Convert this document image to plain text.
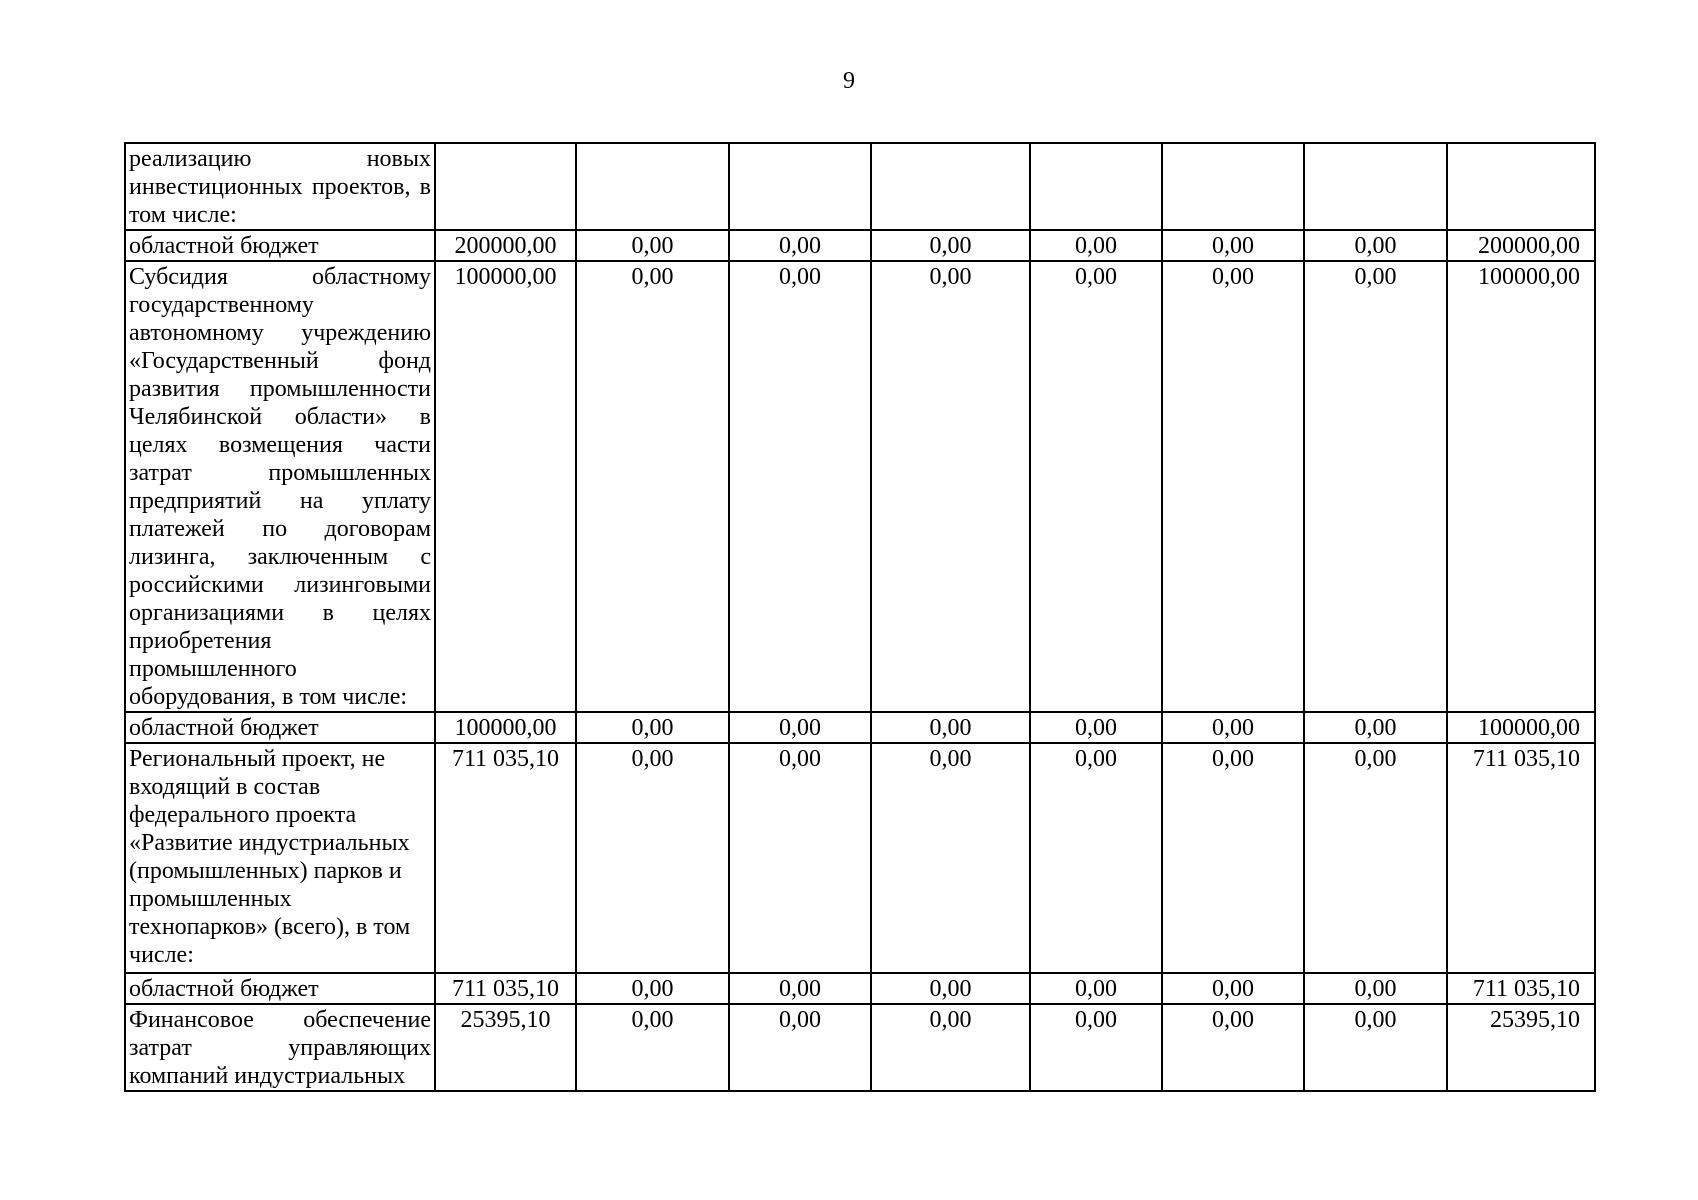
9
реализацию новых инвестиционных проектов, в том числе:								
областной бюджет	200000,00	0,00	0,00	0,00	0,00	0,00	0,00	200000,00
Субсидия областному государственному автономному учреждению «Государственный фонд развития промышленности Челябинской области» в целях возмещения части затрат промышленных предприятий на уплату платежей по договорам лизинга, заключенным с российскими лизинговыми организациями в целях приобретения промышленного оборудования, в том числе:	100000,00	0,00	0,00	0,00	0,00	0,00	0,00	100000,00
областной бюджет	100000,00	0,00	0,00	0,00	0,00	0,00	0,00	100000,00
Региональный проект, не входящий в состав федерального проекта «Развитие индустриальных (промышленных) парков и промышленных технопарков» (всего), в том числе:	711 035,10	0,00	0,00	0,00	0,00	0,00	0,00	711 035,10
областной бюджет	711 035,10	0,00	0,00	0,00	0,00	0,00	0,00	711 035,10
Финансовое обеспечение затрат управляющих компаний индустриальных	25395,10	0,00	0,00	0,00	0,00	0,00	0,00	25395,10
